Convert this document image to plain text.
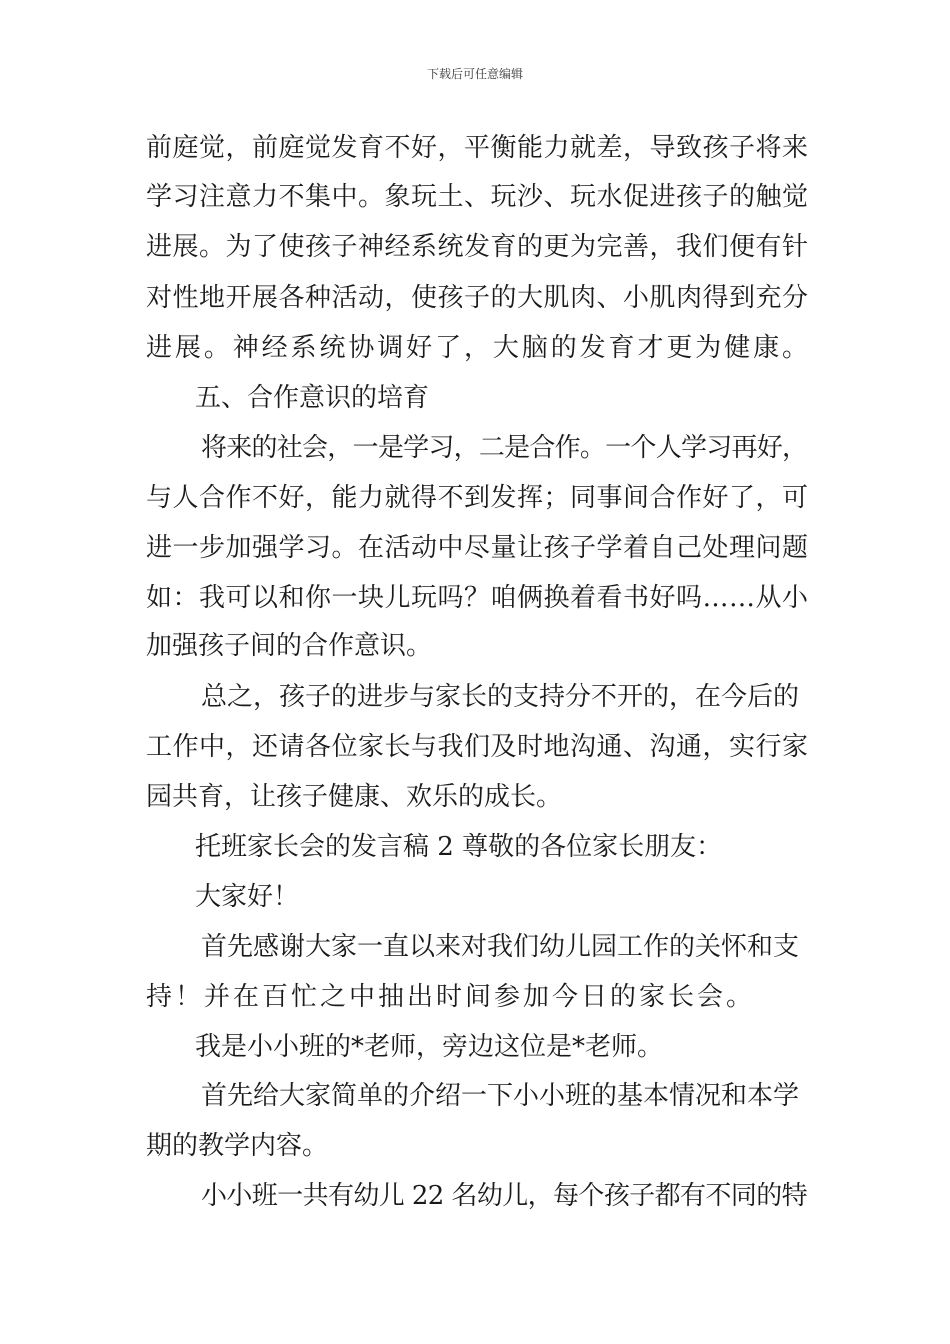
下载后可任意编辑
前庭觉，前庭觉发育不好，平衡能力就差，导致孩子将来
学习注意力不集中。象玩土、玩沙、玩水促进孩子的触觉
进展。为了使孩子神经系统发育的更为完善，我们便有针
对性地开展各种活动，使孩子的大肌肉、小肌肉得到充分
进展。神经系统协调好了，大脑的发育才更为健康。
五、合作意识的培育
将来的社会，一是学习，二是合作。一个人学习再好，
与人合作不好，能力就得不到发挥；同事间合作好了，可
进一步加强学习。在活动中尽量让孩子学着自己处理问题
如：我可以和你一块儿玩吗？咱俩换着看书好吗……从小
加强孩子间的合作意识。
总之，孩子的进步与家长的支持分不开的，在今后的
工作中，还请各位家长与我们及时地沟通、沟通，实行家
园共育，让孩子健康、欢乐的成长。
托班家长会的发言稿 2 尊敬的各位家长朋友：
大家好！
首先感谢大家一直以来对我们幼儿园工作的关怀和支
持！并在百忙之中抽出时间参加今日的家长会。
我是小小班的*老师，旁边这位是*老师。
首先给大家简单的介绍一下小小班的基本情况和本学
期的教学内容。
小小班一共有幼儿 22 名幼儿，每个孩子都有不同的特
